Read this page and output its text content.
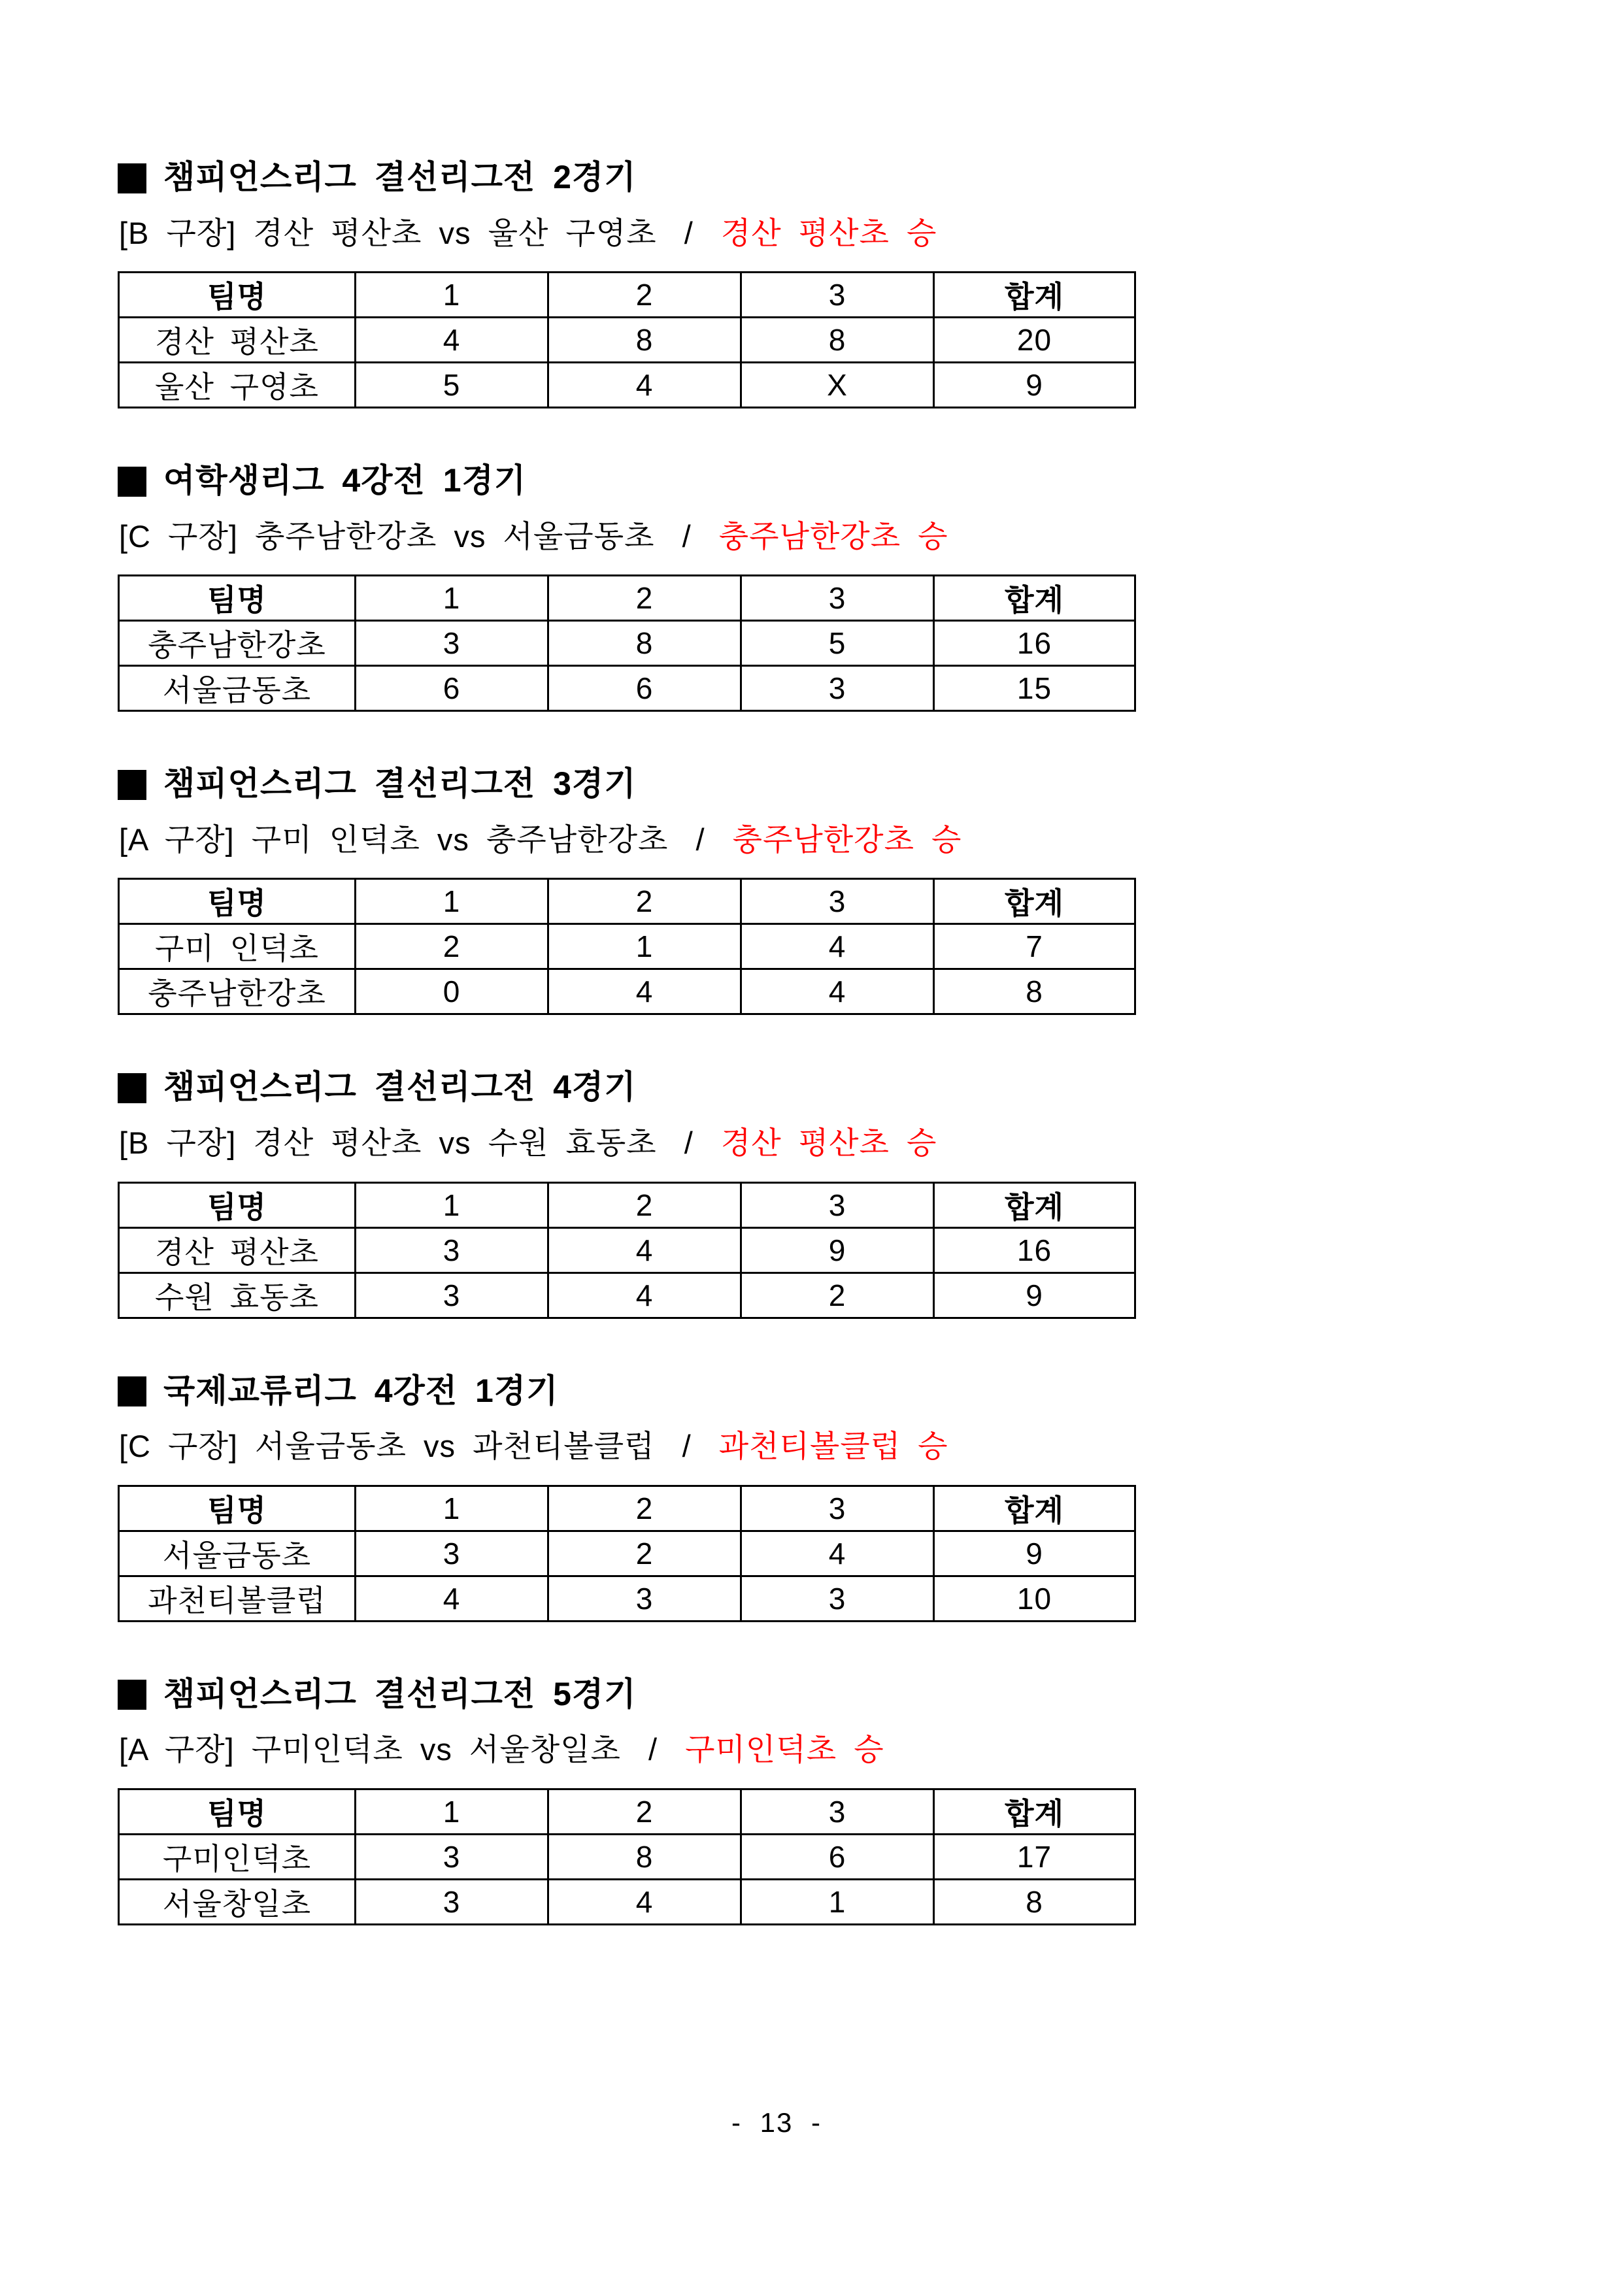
챔피언스리그 결선리그전 2경기

[B 구장] 경산 평산초 vs 울산 구영초 / 경산 평산초 승

팀명	1	2	3	합계
경산 평산초	4	8	8	20
울산 구영초	5	4	X	9
여학생리그 4강전 1경기

[C 구장] 충주남한강초 vs 서울금동초 / 충주남한강초 승

팀명	1	2	3	합계
충주남한강초	3	8	5	16
서울금동초	6	6	3	15
챔피언스리그 결선리그전 3경기

[A 구장] 구미 인덕초 vs 충주남한강초 / 충주남한강초 승

팀명	1	2	3	합계
구미 인덕초	2	1	4	7
충주남한강초	0	4	4	8
챔피언스리그 결선리그전 4경기

[B 구장] 경산 평산초 vs 수원 효동초 / 경산 평산초 승

팀명	1	2	3	합계
경산 평산초	3	4	9	16
수원 효동초	3	4	2	9
국제교류리그 4강전 1경기

[C 구장] 서울금동초 vs 과천티볼클럽 / 과천티볼클럽 승

팀명	1	2	3	합계
서울금동초	3	2	4	9
과천티볼클럽	4	3	3	10
챔피언스리그 결선리그전 5경기

[A 구장] 구미인덕초 vs 서울창일초 / 구미인덕초 승

팀명	1	2	3	합계
구미인덕초	3	8	6	17
서울창일초	3	4	1	8
- 13 -
